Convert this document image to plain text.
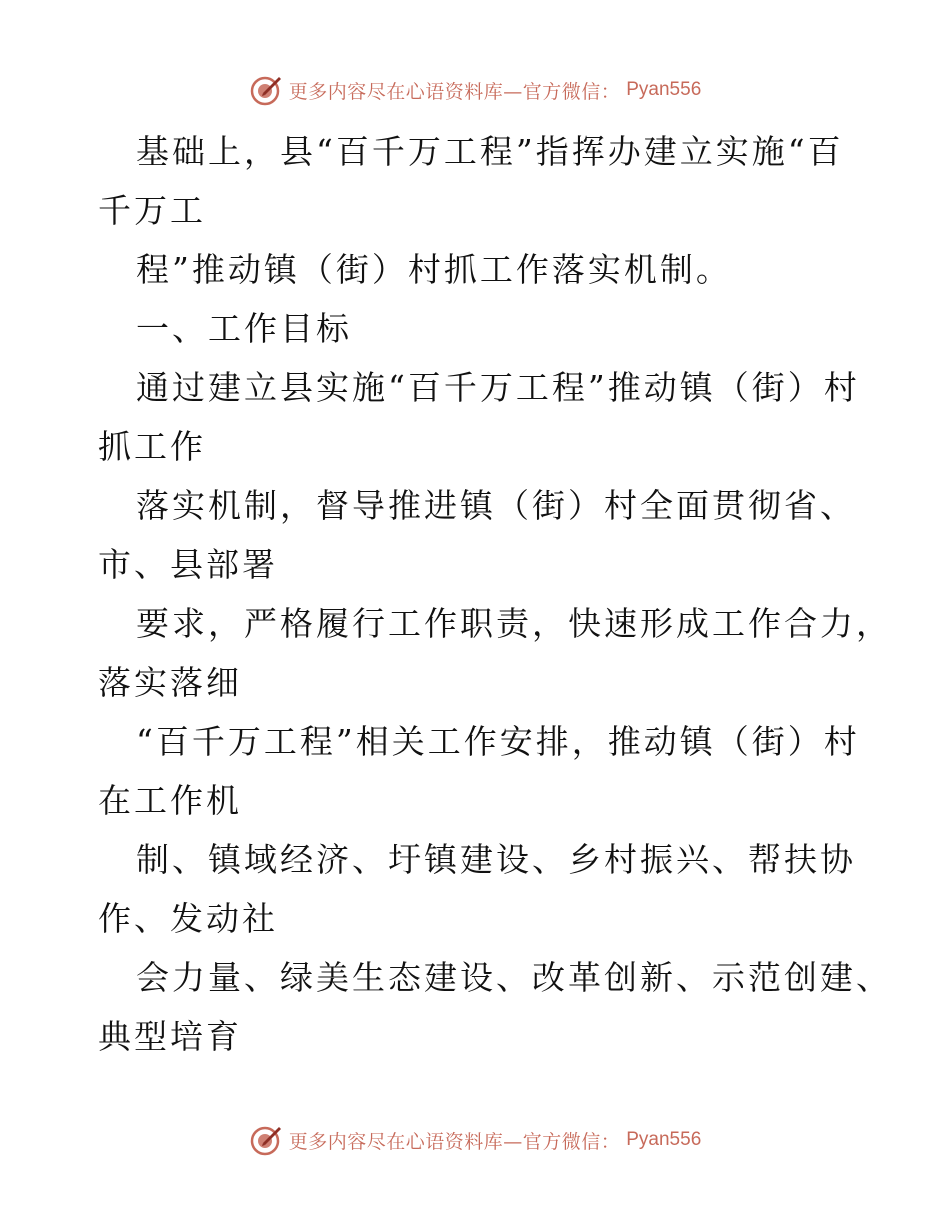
更多内容尽在心语资料库—官方微信： Pyan556
基础上，县“百千万工程”指挥办建立实施“百
千万工
程”推动镇（街）村抓工作落实机制。
一、工作目标
通过建立县实施“百千万工程”推动镇（街）村
抓工作
落实机制，督导推进镇（街）村全面贯彻省、
市、县部署
要求，严格履行工作职责，快速形成工作合力，
落实落细
“百千万工程”相关工作安排，推动镇（街）村
在工作机
制、镇域经济、圩镇建设、乡村振兴、帮扶协
作、发动社
会力量、绿美生态建设、改革创新、示范创建、
典型培育
更多内容尽在心语资料库—官方微信： Pyan556
